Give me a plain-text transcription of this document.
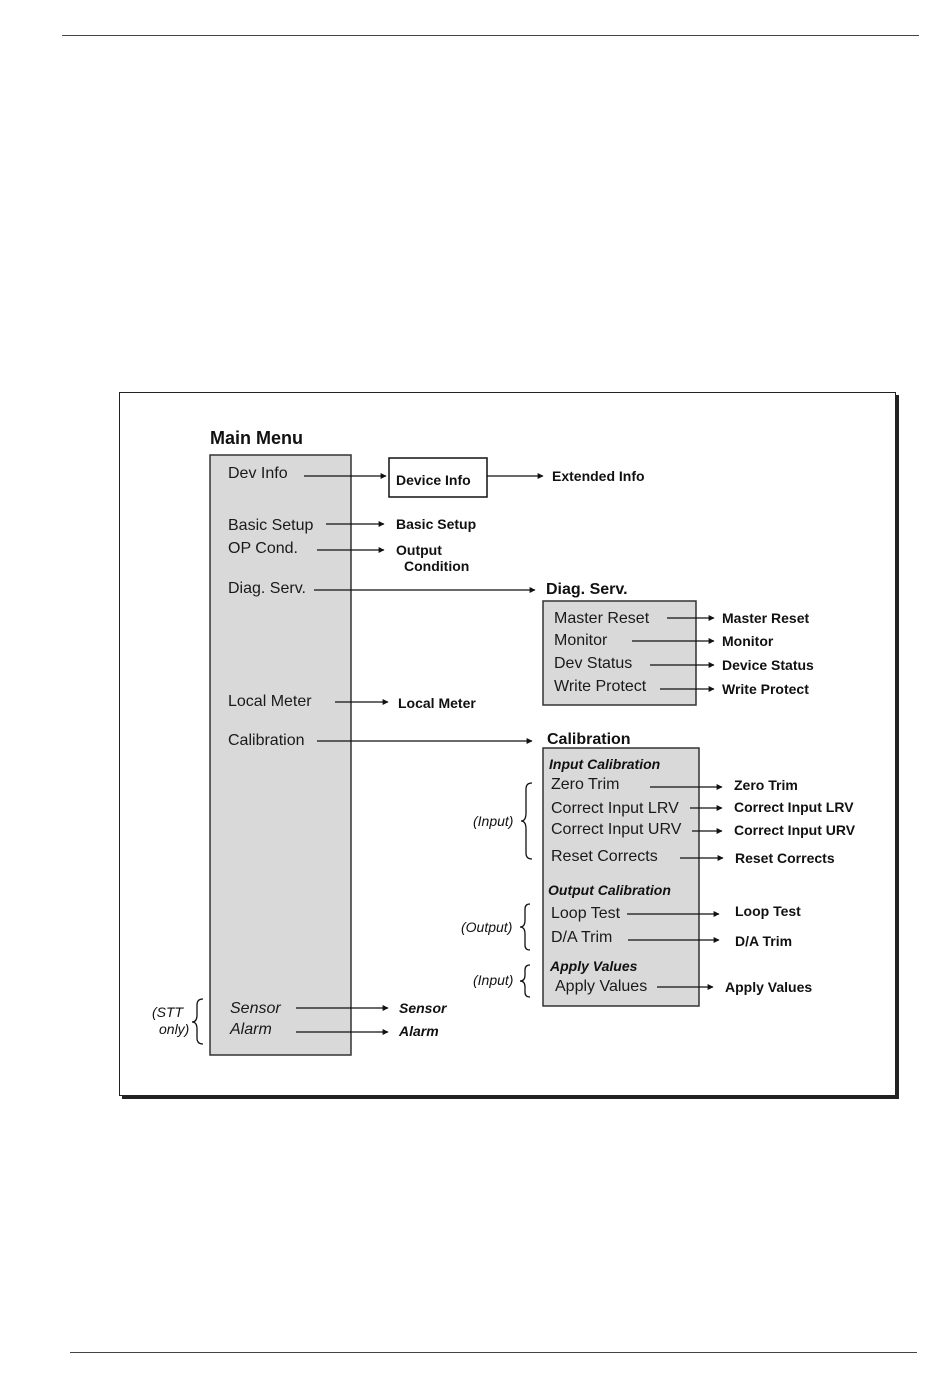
Main Menu
Dev Info
Basic Setup
OP Cond.
Diag. Serv.
Local Meter
Calibration
Sensor
Alarm
(STT
only)
Device Info	Extended Info
Basic Setup
Output
Condition
Local Meter
Sensor
Alarm
Diag. Serv.
Master Reset
Monitor
Dev Status
Write Protect
Master Reset
Monitor
Device Status
Write Protect
Calibration
Input Calibration
Zero Trim
Correct Input LRV
Correct Input URV
Reset Corrects
Output Calibration
Loop Test
D/A Trim
Apply Values
Apply Values
Zero Trim
Correct Input LRV
Correct Input URV
Reset Corrects
Loop Test
D/A Trim
Apply Values
(Input)
(Output)
(Input)
